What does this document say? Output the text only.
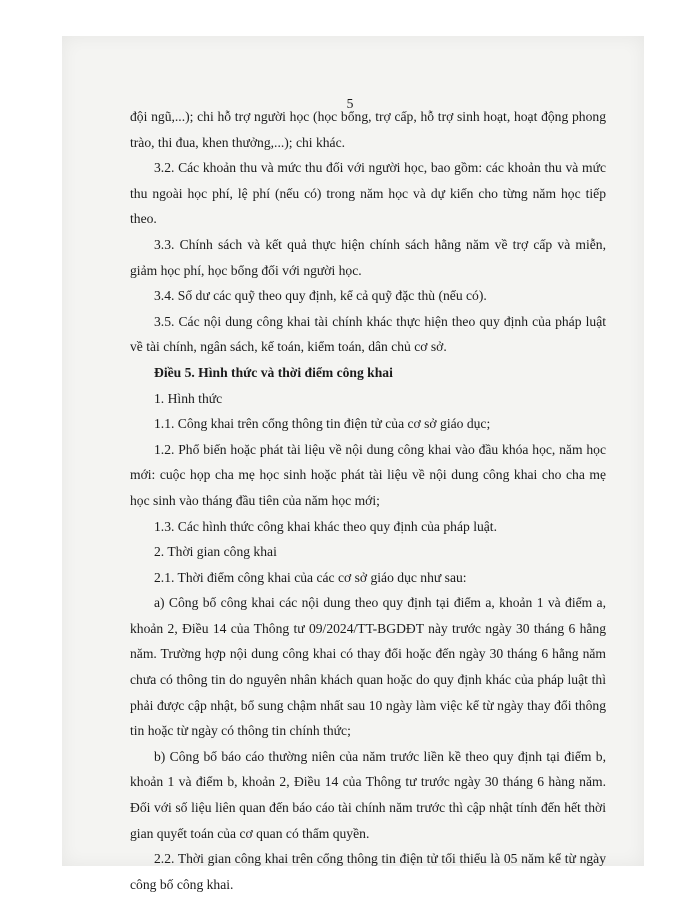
5

đội ngũ,...); chi hỗ trợ người học (học bổng, trợ cấp, hỗ trợ sinh hoạt, hoạt động phong trào, thi đua, khen thưởng,...); chi khác.

3.2. Các khoản thu và mức thu đối với người học, bao gồm: các khoản thu và mức thu ngoài học phí, lệ phí (nếu có) trong năm học và dự kiến cho từng năm học tiếp theo.

3.3. Chính sách và kết quả thực hiện chính sách hằng năm về trợ cấp và miễn, giảm học phí, học bổng đối với người học.

3.4. Số dư các quỹ theo quy định, kể cả quỹ đặc thù (nếu có).

3.5. Các nội dung công khai tài chính khác thực hiện theo quy định của pháp luật về tài chính, ngân sách, kế toán, kiểm toán, dân chủ cơ sở.

Điều 5. Hình thức và thời điểm công khai

1. Hình thức

1.1. Công khai trên cổng thông tin điện tử của cơ sở giáo dục;

1.2. Phổ biến hoặc phát tài liệu về nội dung công khai vào đầu khóa học, năm học mới: cuộc họp cha mẹ học sinh hoặc phát tài liệu về nội dung công khai cho cha mẹ học sinh vào tháng đầu tiên của năm học mới;

1.3. Các hình thức công khai khác theo quy định của pháp luật.

2. Thời gian công khai

2.1. Thời điểm công khai của các cơ sở giáo dục như sau:

a) Công bố công khai các nội dung theo quy định tại điểm a, khoản 1 và điểm a, khoản 2, Điều 14 của Thông tư 09/2024/TT-BGDĐT này trước ngày 30 tháng 6 hằng năm. Trường hợp nội dung công khai có thay đổi hoặc đến ngày 30 tháng 6 hằng năm chưa có thông tin do nguyên nhân khách quan hoặc do quy định khác của pháp luật thì phải được cập nhật, bổ sung chậm nhất sau 10 ngày làm việc kể từ ngày thay đổi thông tin hoặc từ ngày có thông tin chính thức;

b) Công bố báo cáo thường niên của năm trước liền kề theo quy định tại điểm b, khoản 1 và điểm b, khoản 2, Điều 14 của Thông tư trước ngày 30 tháng 6 hàng năm. Đối với số liệu liên quan đến báo cáo tài chính năm trước thì cập nhật tính đến hết thời gian quyết toán của cơ quan có thẩm quyền.

2.2. Thời gian công khai trên cổng thông tin điện tử tối thiểu là 05 năm kể từ ngày công bố công khai.
